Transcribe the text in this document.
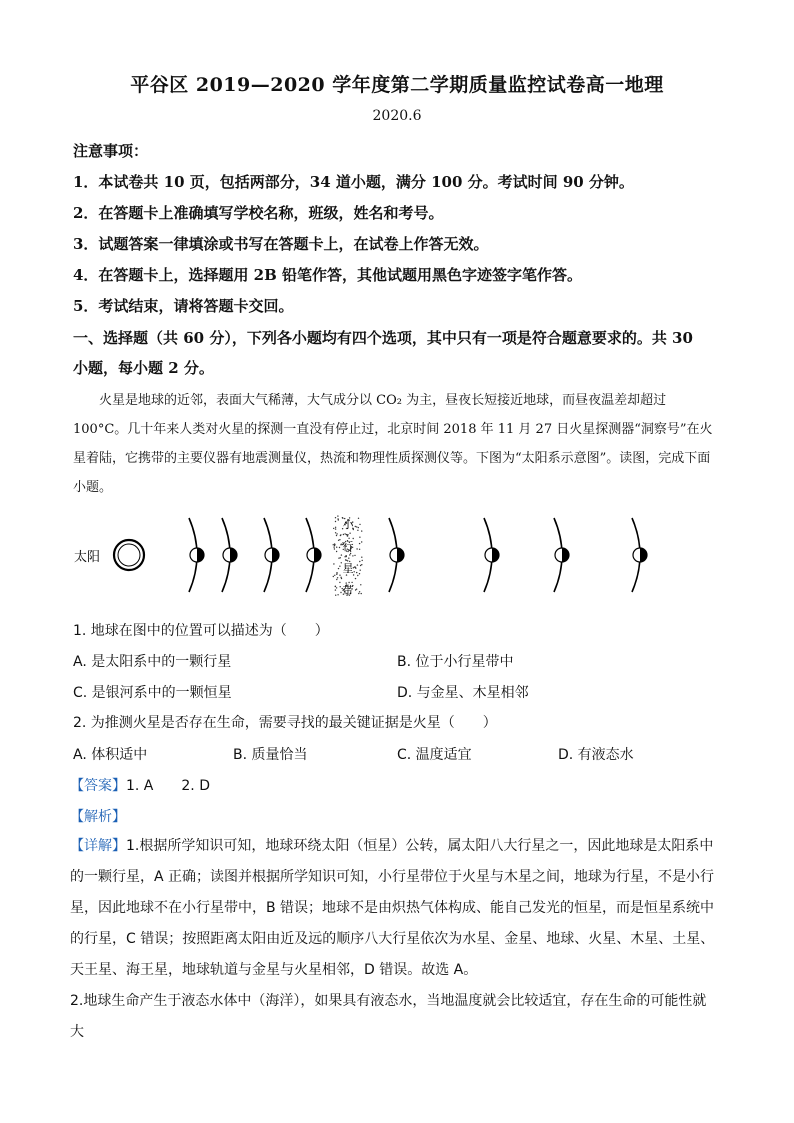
平谷区 2019—2020 学年度第二学期质量监控试卷高一地理
2020.6
注意事项：
1．本试卷共 10 页，包括两部分，34 道小题，满分 100 分。考试时间 90 分钟。
2．在答题卡上准确填写学校名称，班级，姓名和考号。
3．试题答案一律填涂或书写在答题卡上，在试卷上作答无效。
4．在答题卡上，选择题用 2B 铅笔作答，其他试题用黑色字迹签字笔作答。
5．考试结束，请将答题卡交回。
一、选择题（共 60 分），下列各小题均有四个选项，其中只有一项是符合题意要求的。共 30
小题，每小题 2 分。
火星是地球的近邻，表面大气稀薄，大气成分以 CO₂ 为主，昼夜长短接近地球，而昼夜温差却超过 100°C。几十年来人类对火星的探测一直没有停止过，北京时间 2018 年 11 月 27 日火星探测器“洞察号”在火星着陆，它携带的主要仪器有地震测量仪，热流和物理性质探测仪等。下图为“太阳系示意图”。读图，完成下面小题。
太阳
小
行
星
带
1. 地球在图中的位置可以描述为（　　）
A. 是太阳系中的一颗行星	B. 位于小行星带中
C. 是银河系中的一颗恒星	D. 与金星、木星相邻
2. 为推测火星是否存在生命，需要寻找的最关键证据是火星（　　）
A. 体积适中	B. 质量恰当	C. 温度适宜	D. 有液态水
【答案】1. A　　2. D
【解析】
【详解】1.根据所学知识可知，地球环绕太阳（恒星）公转，属太阳八大行星之一，因此地球是太阳系中的一颗行星，A 正确；读图并根据所学知识可知，小行星带位于火星与木星之间，地球为行星，不是小行星，因此地球不在小行星带中，B 错误；地球不是由炽热气体构成、能自己发光的恒星，而是恒星系统中的行星，C 错误；按照距离太阳由近及远的顺序八大行星依次为水星、金星、地球、火星、木星、土星、天王星、海王星，地球轨道与金星与火星相邻，D 错误。故选 A。
2.地球生命产生于液态水体中（海洋），如果具有液态水，当地温度就会比较适宜，存在生命的可能性就大
